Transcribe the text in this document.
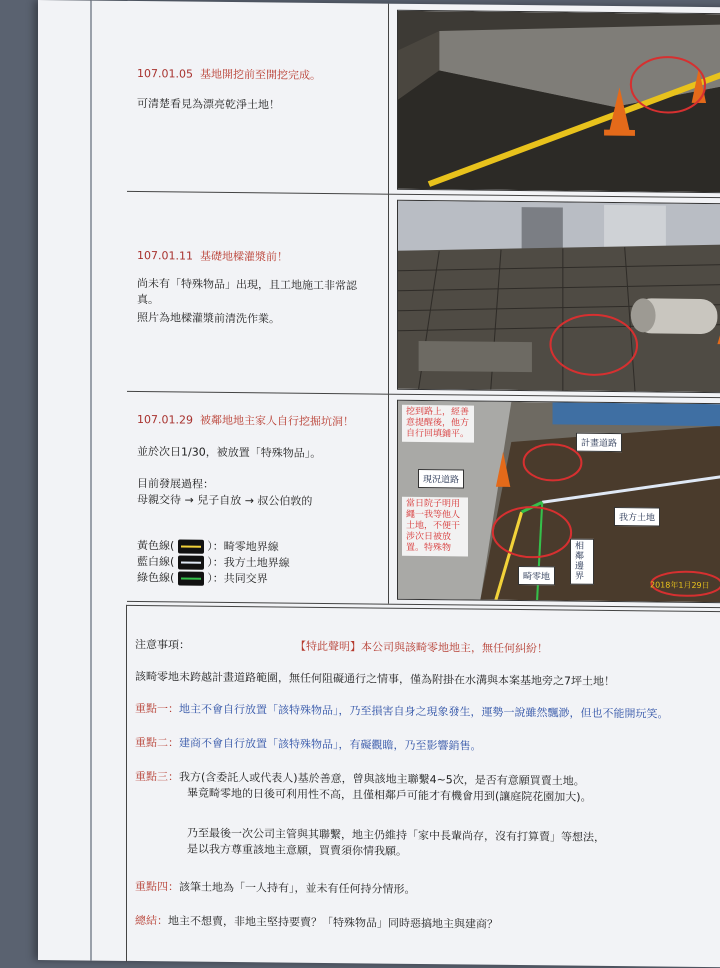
107.01.05 基地開挖前至開挖完成。
可清楚看見為漂亮乾淨土地！
107.01.11 基礎地樑灌漿前！
尚未有「特殊物品」出現，且工地施工非常認
真。
照片為地樑灌漿前清洗作業。
107.01.29 被鄰地地主家人自行挖掘坑洞！
並於次日1/30，被放置「特殊物品」。
目前發展過程：
母親交待 → 兒子自放 → 叔公伯敦的
黃色線(	）：畸零地界線
藍白線(	）：我方土地界線
綠色線(	）：共同交界
挖到路上，經善意提醒後，他方自行回填鋪平。
計畫道路
現況道路
當日院子明用繩一我等他人土地，不便干涉次日被放置。特殊物
我方土地
畸零地
相鄰邊界
2018年1月29日
注意事項：	【特此聲明】本公司與該畸零地地主，無任何糾紛！
該畸零地未跨越計畫道路範圍，無任何阻礙通行之情事，僅為附掛在水溝與本案基地旁之7坪土地！
重點一：地主不會自行放置「該特殊物品」，乃至損害自身之現象發生，運勢一說雖然飄渺，但也不能開玩笑。
重點二：建商不會自行放置「該特殊物品」，有礙觀瞻，乃至影響銷售。
重點三：我方(含委託人或代表人)基於善意，曾與該地主聯繫4~5次，是否有意願買賣土地。
畢竟畸零地的日後可利用性不高，且僅相鄰戶可能才有機會用到(讓庭院花園加大)。
乃至最後一次公司主管與其聯繫，地主仍維持「家中長輩尚存，沒有打算賣」等想法，
是以我方尊重該地主意願，買賣須你情我願。
重點四：該筆土地為「一人持有」，並未有任何持分情形。
總結：地主不想賣，非地主堅持要賣？「特殊物品」同時惡搞地主與建商？
